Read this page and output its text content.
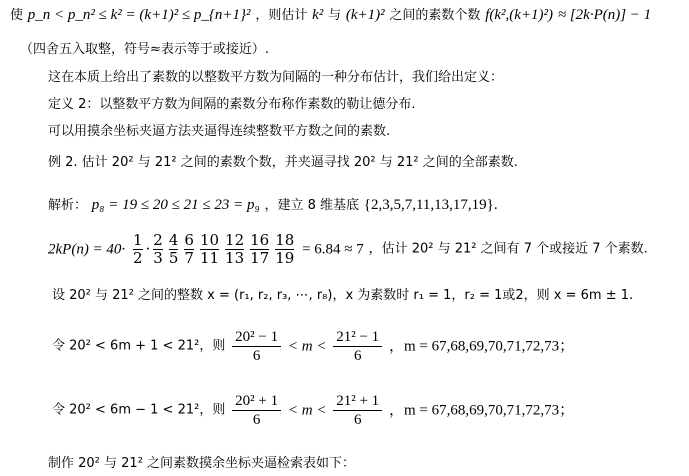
使 p_n < p_n² ≤ k² = (k+1)² ≤ p_{n+1}² ，则估计 k² 与 (k+1)² 之间的素数个数 f(k²,(k+1)²) ≈ [2k·P(n)] − 1
（四舍五入取整，符号≈表示等于或接近）.
这在本质上给出了素数的以整数平方数为间隔的一种分布估计，我们给出定义：
定义 2：以整数平方数为间隔的素数分布称作素数的勒让德分布.
可以用摸余坐标夹逼方法夹逼得连续整数平方数之间的素数.
例 2. 估计 20² 与 21² 之间的素数个数，并夹逼寻找 20² 与 21² 之间的全部素数.
解析： p₈ = 19 ≤ 20 ≤ 21 ≤ 23 = p₉ ，建立 8 维基底 {2,3,5,7,11,13,17,19}.
$2kP(n) = 40\cdot \frac{1}{2} \cdot \frac{2}{3} \frac{4}{5} \frac{6}{7} \frac{10}{11} \frac{12}{13} \frac{16}{17} \frac{18}{19} = 6.84 \approx 7$ ，估计 20² 与 21² 之间有 7 个或接近 7 个素数.
设 20² 与 21² 之间的整数 x = (r₁, r₂, r₃, ⋯, r₈)，x 为素数时 r₁ = 1，r₂ = 1或2，则 x = 6m ± 1.
令 20² < 6m + 1 < 21²，则 $\frac{\text{20² − 1}}{6} < m < \frac{\text{21² − 1}}{6}$ ，m = 67,68,69,70,71,72,73；
令 20² < 6m − 1 < 21²，则 $\frac{\text{20² + 1}}{6} < m < \frac{\text{21² + 1}}{6}$ ，m = 67,68,69,70,71,72,73；
制作 20² 与 21² 之间素数摸余坐标夹逼检索表如下：
